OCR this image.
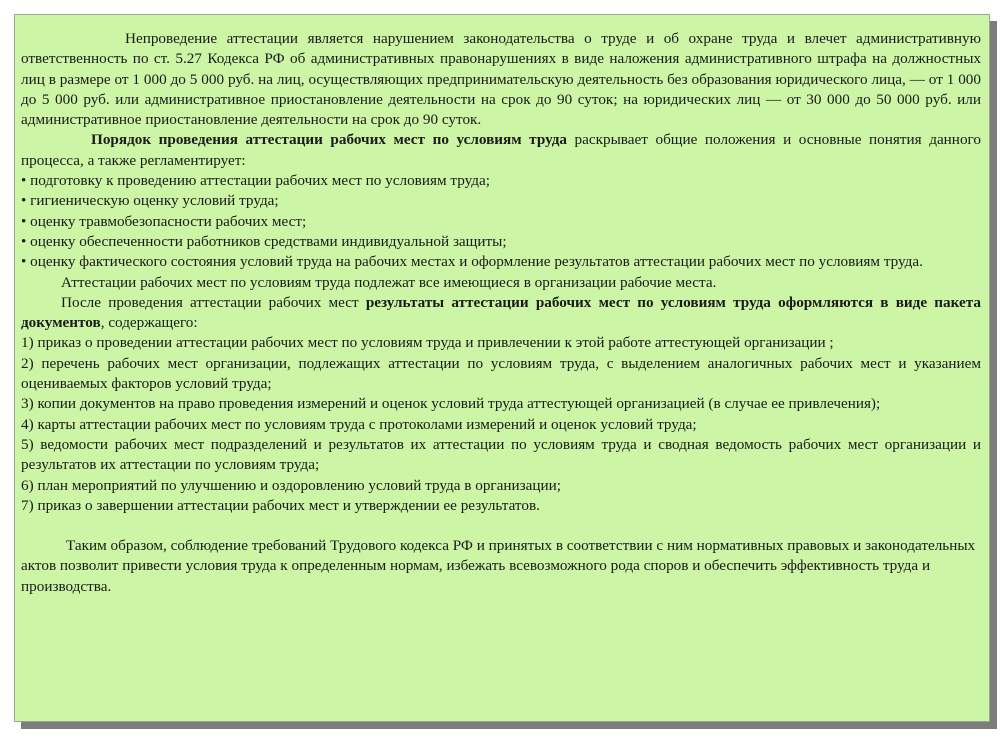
Непроведение аттестации является нарушением законодательства о труде и об охране труда и влечет административную ответственность по ст. 5.27 Кодекса РФ об административных правонарушениях в виде наложения административного штрафа на должностных лиц в размере от 1 000 до 5 000 руб. на лиц, осуществляющих предпринимательскую деятельность без образования юридического лица, — от 1 000 до 5 000 руб. или административное приостановление деятельности на срок до 90 суток; на юридических лиц — от 30 000 до 50 000 руб. или административное приостановление деятельности на срок до 90 суток.

Порядок проведения аттестации рабочих мест по условиям труда раскрывает общие положения и основные понятия данного процесса, а также регламентирует:

• подготовку к проведению аттестации рабочих мест по условиям труда;

• гигиеническую оценку условий труда;

• оценку травмобезопасности рабочих мест;

• оценку обеспеченности работников средствами индивидуальной защиты;

• оценку фактического состояния условий труда на рабочих местах и оформление результатов аттестации рабочих мест по условиям труда.

Аттестации рабочих мест по условиям труда подлежат все имеющиеся в организации рабочие места.

После проведения аттестации рабочих мест результаты аттестации рабочих мест по условиям труда оформляются в виде пакета документов, содержащего:

1) приказ о проведении аттестации рабочих мест по условиям труда и привлечении к этой работе аттестующей организации ;

2) перечень рабочих мест организации, подлежащих аттестации по условиям труда, с выделением аналогичных рабочих мест и указанием оцениваемых факторов условий труда;

3) копии документов на право проведения измерений и оценок условий труда аттестующей организацией (в случае ее привлечения);

4) карты аттестации рабочих мест по условиям труда с протоколами измерений и оценок условий труда;

5) ведомости рабочих мест подразделений и результатов их аттестации по условиям труда и сводная ведомость рабочих мест организации и результатов их аттестации по условиям труда;

6) план мероприятий по улучшению и оздоровлению условий труда в организации;

7) приказ о завершении аттестации рабочих мест и утверждении ее результатов.

Таким образом, соблюдение требований Трудового кодекса РФ и принятых в соответствии с ним нормативных правовых и законодательных актов позволит привести условия труда к определенным нормам, избежать всевозможного рода споров и обеспечить эффективность труда и производства.
